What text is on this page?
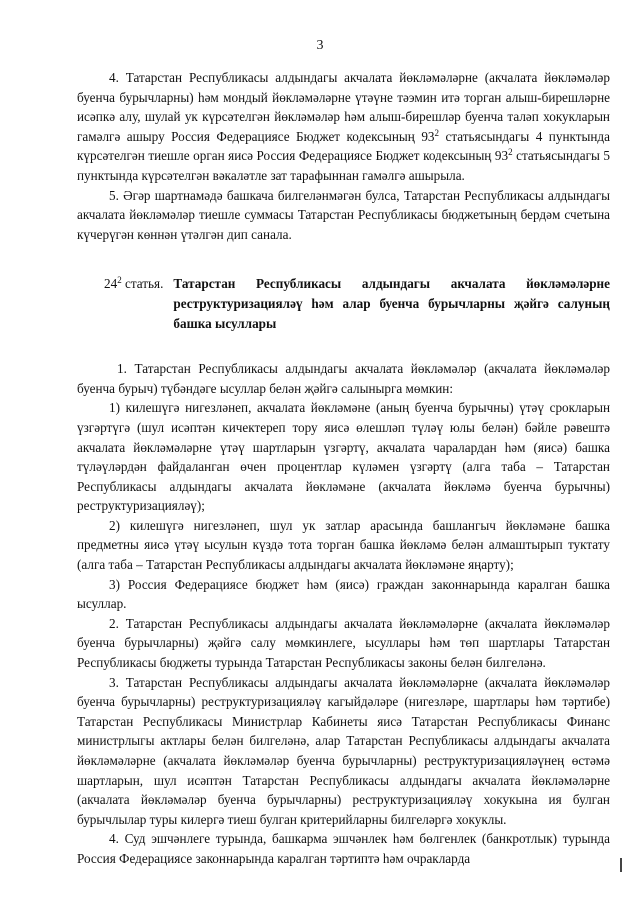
3

4. Татарстан Республикасы алдындагы акчалата йөкләмәләрне (акчалата йөкләмәләр буенча бурычларны) һәм мондый йөкләмәләрне үтәүне тәэмин итә торган алыш-бирешләрне исәпкә алу, шулай ук күрсәтелгән йөкләмәләр һәм алыш-бирешләр буенча таләп хокукларын гамәлгә ашыру Россия Федерациясе Бюджет кодексының $93^2$ статьясындагы 4 пунктында күрсәтелгән тиешле орган яисә Россия Федерациясе Бюджет кодексының $93^2$ статьясындагы 5 пунктында күрсәтелгән вәкаләтле зат тарафыннан гамәлгә ашырыла.

5. Әгәр шартнамәдә башкача билгеләнмәгән булса, Татарстан Республикасы алдындагы акчалата йөкләмәләр тиешле суммасы Татарстан Республикасы бюджетының бердәм счетына күчерүгән көннән үтәлгән дип санала.

$24^2$ статья. Татарстан Республикасы алдындагы акчалата йөкләмәләрне реструктуризацияләү һәм алар буенча бурычларны җәйгә салуның башка ысуллары

1. Татарстан Республикасы алдындагы акчалата йөкләмәләр (акчалата йөкләмәләр буенча бурыч) түбәндәге ысуллар белән җәйгә салынырга мөмкин:

1) килешүгә нигезләнеп, акчалата йөкләмәне (аның буенча бурычны) үтәү срокларын үзгәртүгә (шул исәптән кичектереп тору яисә өлешләп түләү юлы белән) бәйле рәвештә акчалата йөкләмәләрне үтәү шартларын үзгәртү, акчалата чаралардан һәм (яисә) башка түләүләрдән файдаланган өчен процентлар күләмен үзгәртү (алга таба – Татарстан Республикасы алдындагы акчалата йөкләмәне (акчалата йөкләмә буенча бурычны) реструктуризацияләү);

2) килешүгә нигезләнеп, шул ук затлар арасында башлангыч йөкләмәне башка предметны яисә үтәү ысулын күздә тота торган башка йөкләмә белән алмаштырып туктату (алга таба – Татарстан Республикасы алдындагы акчалата йөкләмәне яңарту);

3) Россия Федерациясе бюджет һәм (яисә) граждан законнарында каралган башка ысуллар.

2. Татарстан Республикасы алдындагы акчалата йөкләмәләрне (акчалата йөкләмәләр буенча бурычларны) җәйгә салу мөмкинлеге, ысуллары һәм төп шартлары Татарстан Республикасы бюджеты турында Татарстан Республикасы законы белән билгеләнә.

3. Татарстан Республикасы алдындагы акчалата йөкләмәләрне (акчалата йөкләмәләр буенча бурычларны) реструктуризацияләү кагыйдәләре (нигезләре, шартлары һәм тәртибе) Татарстан Республикасы Министрлар Кабинеты яисә Татарстан Республикасы Финанс министрлыгы актлары белән билгеләнә, алар Татарстан Республикасы алдындагы акчалата йөкләмәләрне (акчалата йөкләмәләр буенча бурычларны) реструктуризацияләүнең өстәмә шартларын, шул исәптән Татарстан Республикасы алдындагы акчалата йөкләмәләрне (акчалата йөкләмәләр буенча бурычларны) реструктуризацияләү хокукына ия булган бурычлылар туры килергә тиеш булган критерийларны билгеләргә хокуклы.

4. Суд эшчәнлеге турында, башкарма эшчәнлек һәм бөлгенлек (банкротлык) турында Россия Федерациясе законнарында каралган тәртиптә һәм очракларда
